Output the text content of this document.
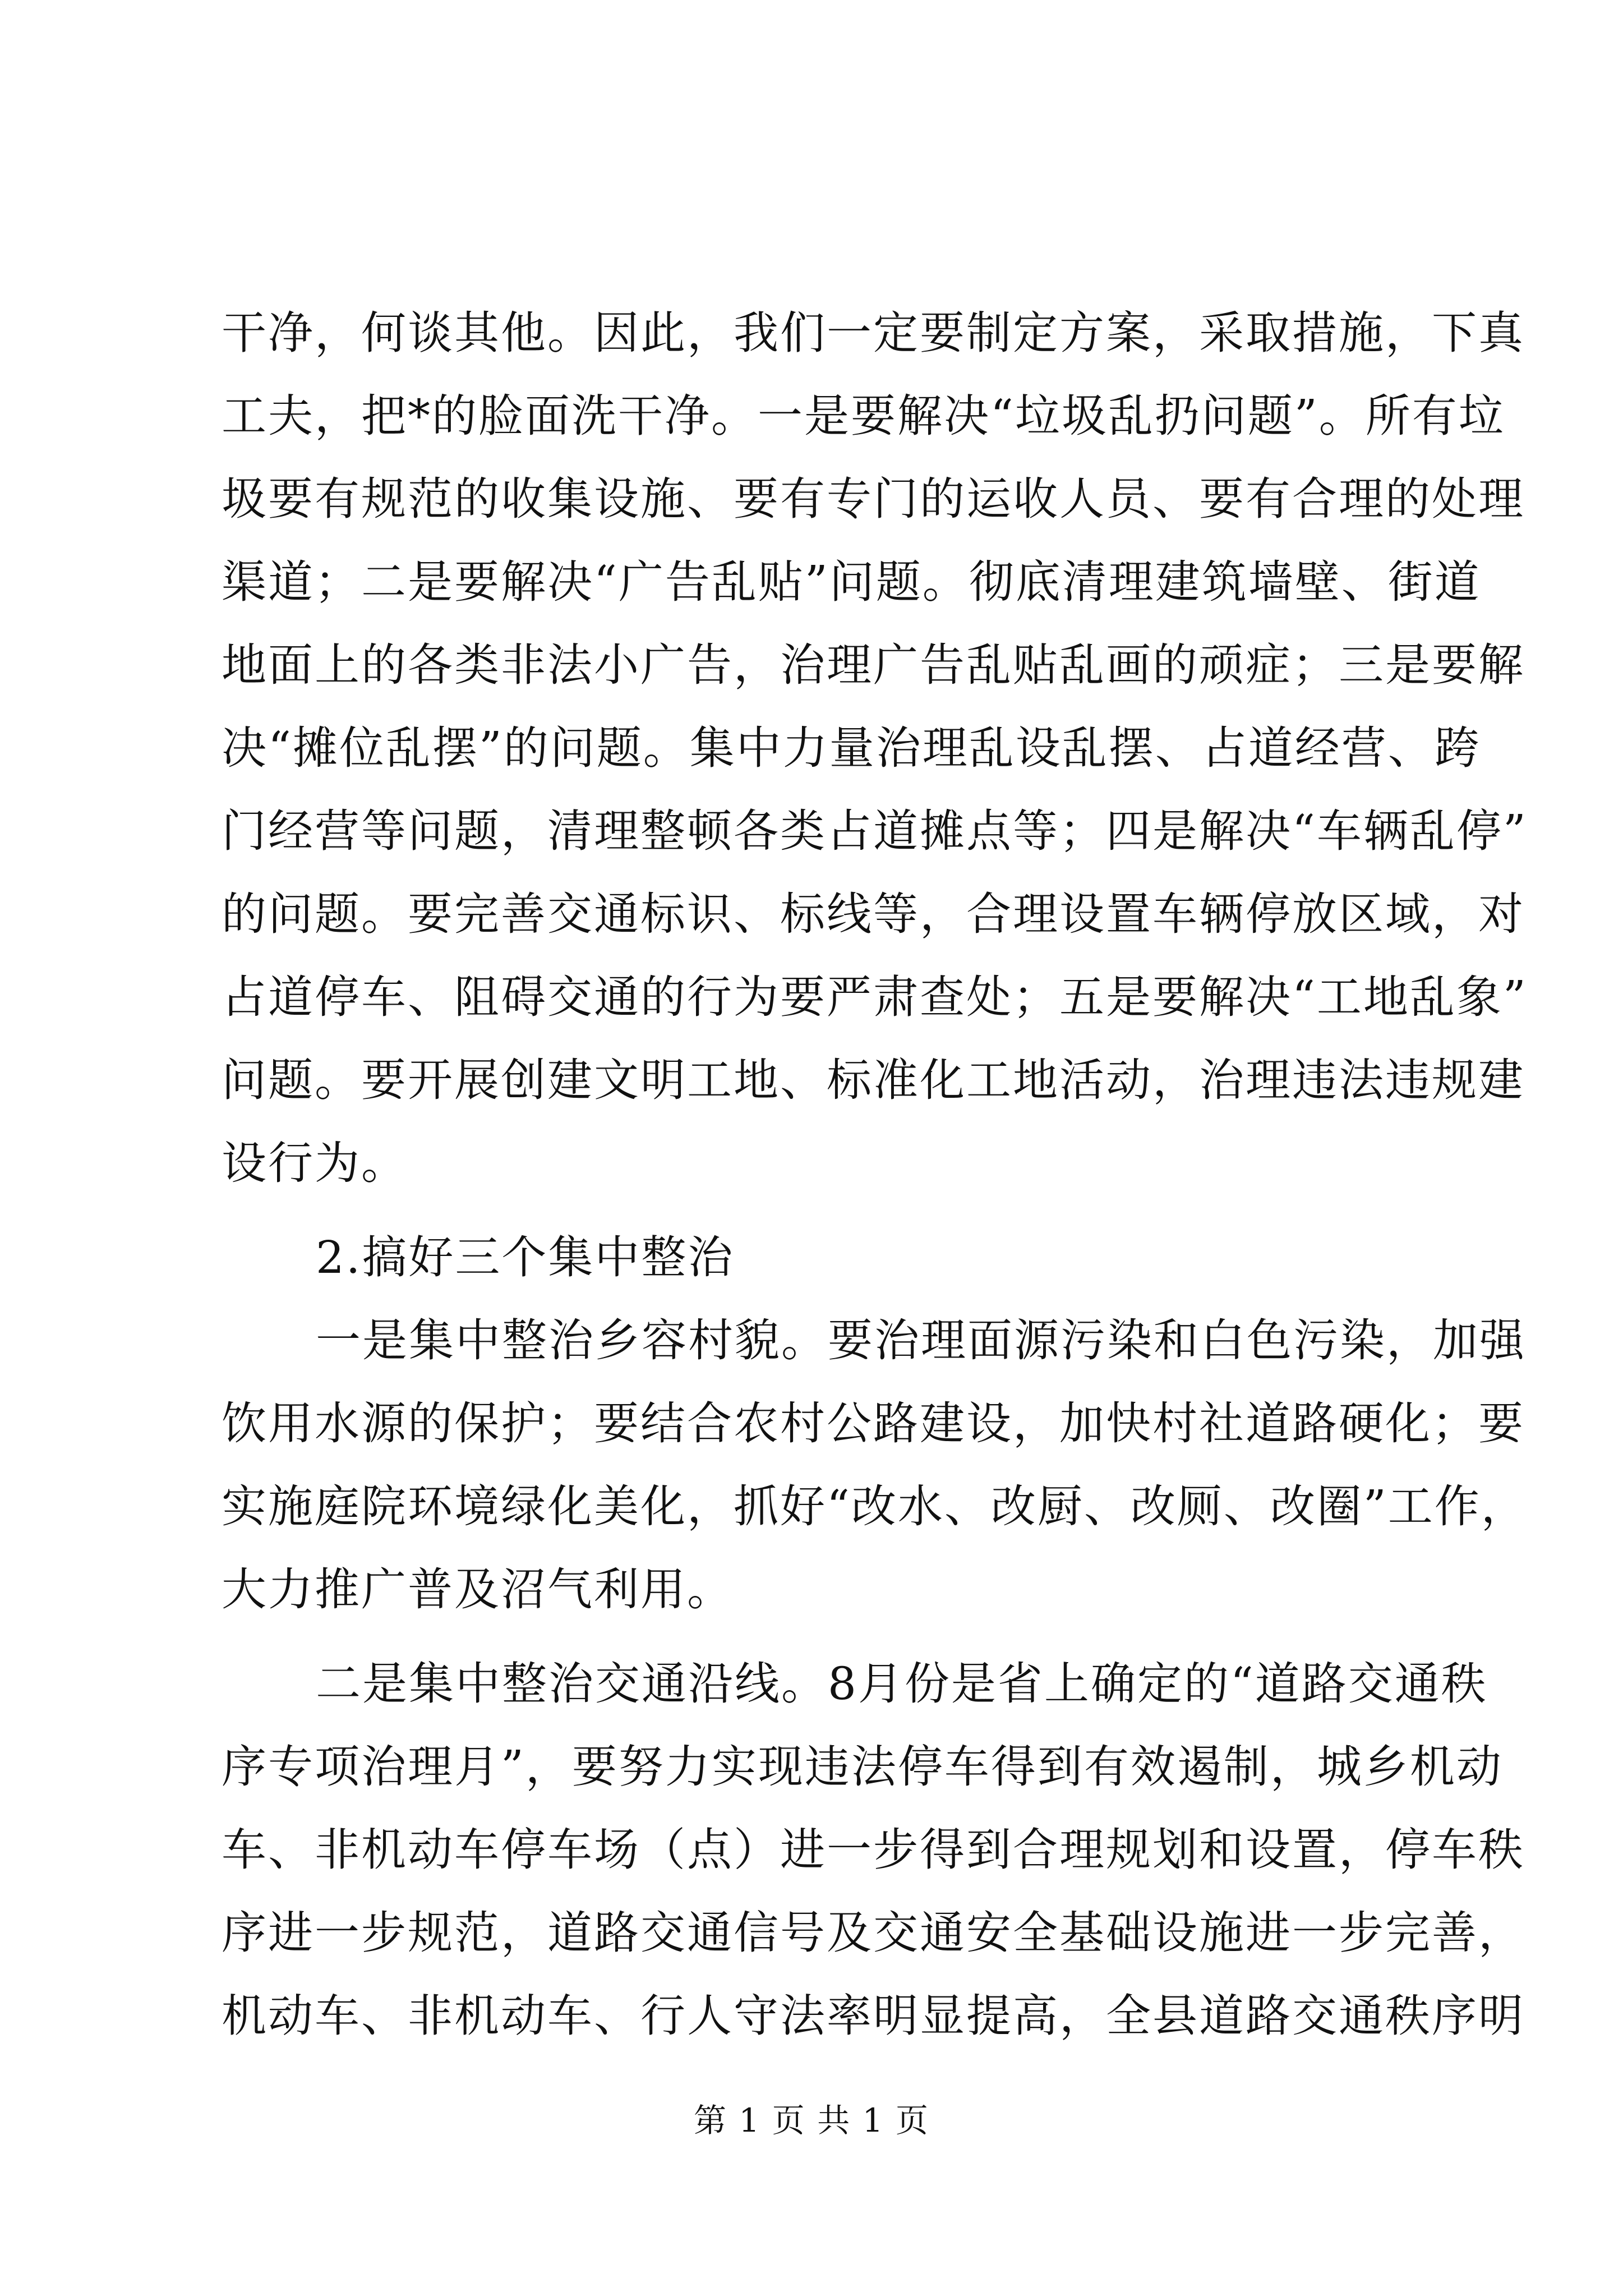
干净，何谈其他。因此，我们一定要制定方案，采取措施，下真
工夫，把*的脸面洗干净。一是要解决“垃圾乱扔问题”。所有垃
圾要有规范的收集设施、要有专门的运收人员、要有合理的处理
渠道；二是要解决“广告乱贴”问题。彻底清理建筑墙壁、街道
地面上的各类非法小广告，治理广告乱贴乱画的顽症；三是要解
决“摊位乱摆”的问题。集中力量治理乱设乱摆、占道经营、跨
门经营等问题，清理整顿各类占道摊点等；四是解决“车辆乱停”
的问题。要完善交通标识、标线等，合理设置车辆停放区域，对
占道停车、阻碍交通的行为要严肃查处；五是要解决“工地乱象”
问题。要开展创建文明工地、标准化工地活动，治理违法违规建
设行为。
2.搞好三个集中整治
一是集中整治乡容村貌。要治理面源污染和白色污染，加强
饮用水源的保护；要结合农村公路建设，加快村社道路硬化；要
实施庭院环境绿化美化，抓好“改水、改厨、改厕、改圈”工作，
大力推广普及沼气利用。
二是集中整治交通沿线。8月份是省上确定的“道路交通秩
序专项治理月”，要努力实现违法停车得到有效遏制，城乡机动
车、非机动车停车场（点）进一步得到合理规划和设置，停车秩
序进一步规范，道路交通信号及交通安全基础设施进一步完善，
机动车、非机动车、行人守法率明显提高，全县道路交通秩序明
第 1 页 共 1 页
